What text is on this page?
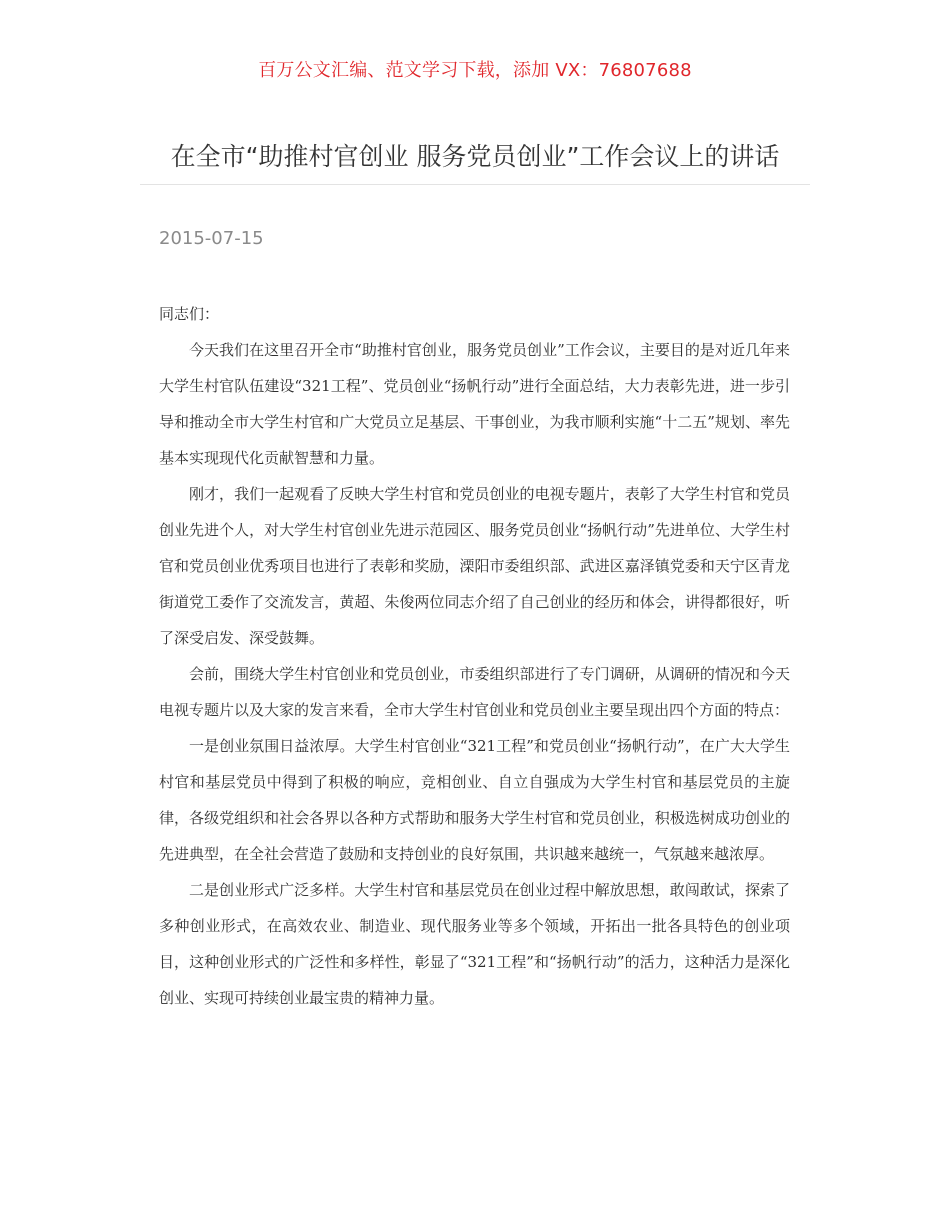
百万公文汇编、范文学习下载，添加 VX：76807688
在全市“助推村官创业 服务党员创业”工作会议上的讲话
2015-07-15

同志们：

今天我们在这里召开全市“助推村官创业，服务党员创业”工作会议，主要目的是对近几年来大学生村官队伍建设“321工程”、党员创业“扬帆行动”进行全面总结，大力表彰先进，进一步引导和推动全市大学生村官和广大党员立足基层、干事创业，为我市顺利实施“十二五”规划、率先基本实现现代化贡献智慧和力量。

刚才，我们一起观看了反映大学生村官和党员创业的电视专题片，表彰了大学生村官和党员创业先进个人，对大学生村官创业先进示范园区、服务党员创业“扬帆行动”先进单位、大学生村官和党员创业优秀项目也进行了表彰和奖励，溧阳市委组织部、武进区嘉泽镇党委和天宁区青龙街道党工委作了交流发言，黄超、朱俊两位同志介绍了自己创业的经历和体会，讲得都很好，听了深受启发、深受鼓舞。

会前，围绕大学生村官创业和党员创业，市委组织部进行了专门调研，从调研的情况和今天电视专题片以及大家的发言来看，全市大学生村官创业和党员创业主要呈现出四个方面的特点：

一是创业氛围日益浓厚。大学生村官创业“321工程”和党员创业“扬帆行动”，在广大大学生村官和基层党员中得到了积极的响应，竞相创业、自立自强成为大学生村官和基层党员的主旋律，各级党组织和社会各界以各种方式帮助和服务大学生村官和党员创业，积极选树成功创业的先进典型，在全社会营造了鼓励和支持创业的良好氛围，共识越来越统一，气氛越来越浓厚。

二是创业形式广泛多样。大学生村官和基层党员在创业过程中解放思想，敢闯敢试，探索了多种创业形式，在高效农业、制造业、现代服务业等多个领域，开拓出一批各具特色的创业项目，这种创业形式的广泛性和多样性，彰显了“321工程”和“扬帆行动”的活力，这种活力是深化创业、实现可持续创业最宝贵的精神力量。
